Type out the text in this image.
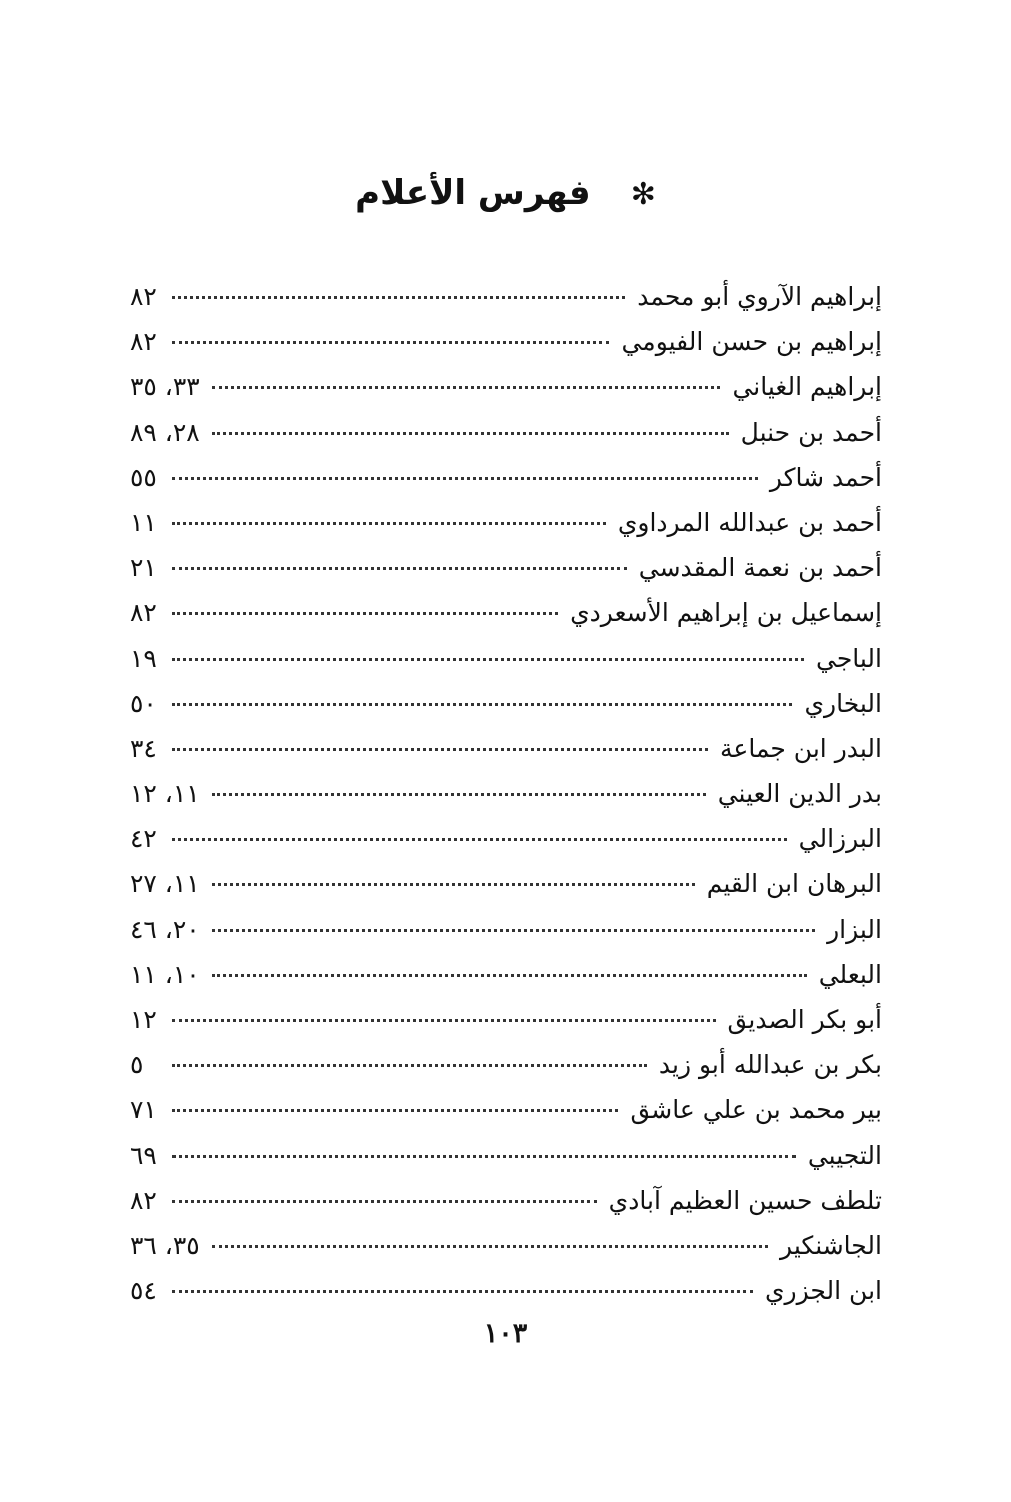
✻فهرس الأعلام
إبراهيم الآروي أبو محمد
٨٢
إبراهيم بن حسن الفيومي
٨٢
إبراهيم الغياني
٣٣، ٣٥
أحمد بن حنبل
٢٨، ٨٩
أحمد شاكر
٥٥
أحمد بن عبدالله المرداوي
١١
أحمد بن نعمة المقدسي
٢١
إسماعيل بن إبراهيم الأسعردي
٨٢
الباجي
١٩
البخاري
٥٠
البدر ابن جماعة
٣٤
بدر الدين العيني
١١، ١٢
البرزالي
٤٢
البرهان ابن القيم
١١، ٢٧
البزار
٢٠، ٤٦
البعلي
١٠، ١١
أبو بكر الصديق
١٢
بكر بن عبدالله أبو زيد
٥
بير محمد بن علي عاشق
٧١
التجيبي
٦٩
تلطف حسين العظيم آبادي
٨٢
الجاشنكير
٣٥، ٣٦
ابن الجزري
٥٤
١٠٣
